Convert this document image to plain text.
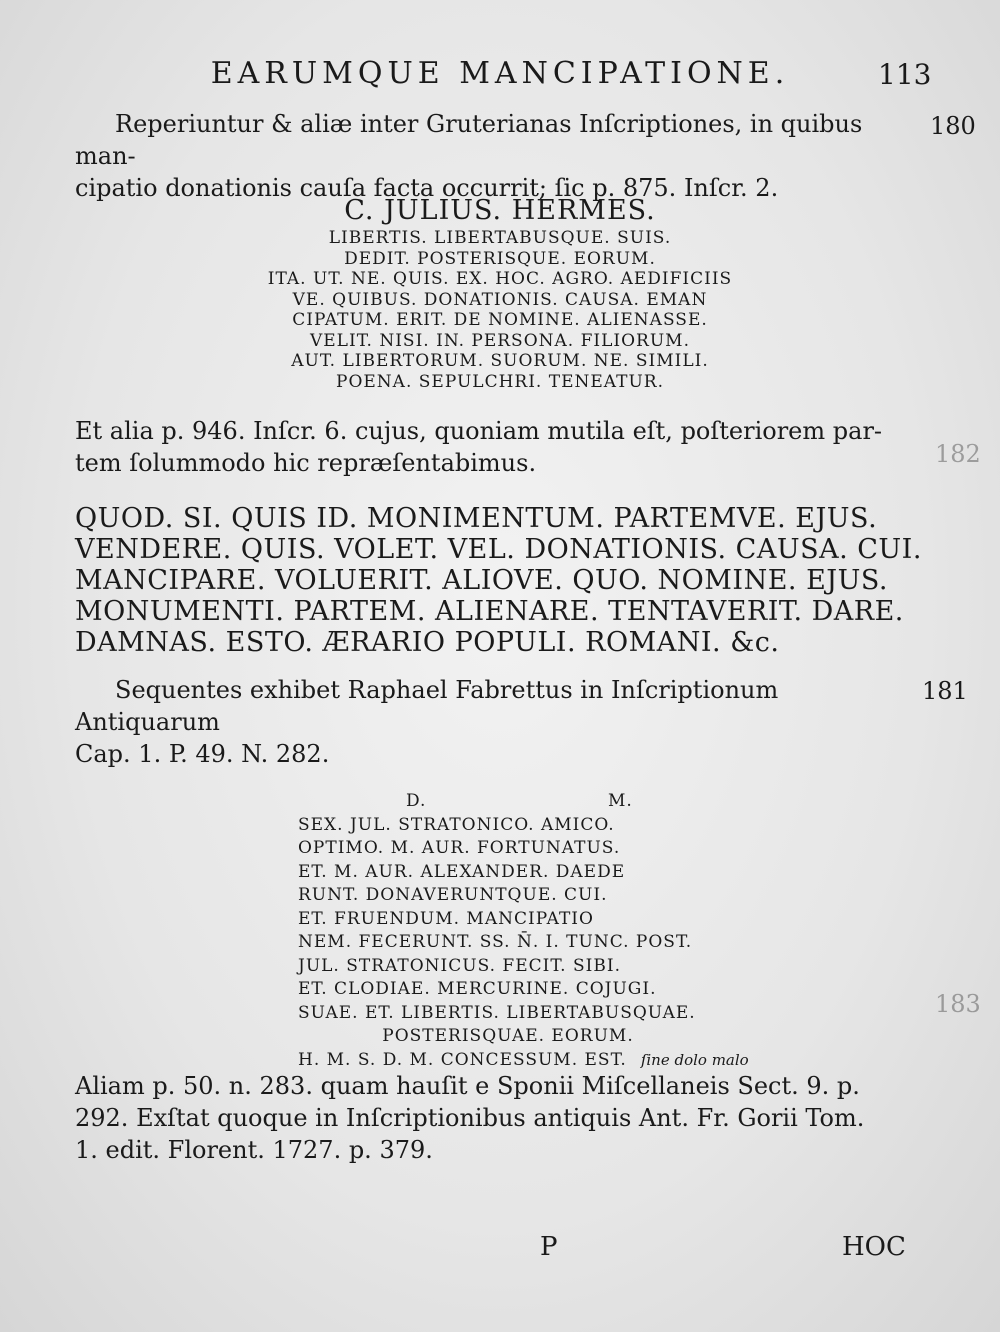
EARUMQUE MANCIPATIONE.	113
180
182
181
183

Reperiuntur & aliæ inter Gruterianas Inſcriptiones, in quibus man-
cipatio donationis cauſa facta occurrit; ſic p. 875. Inſcr. 2.

C. JULIUS. HERMES.
LIBERTIS. LIBERTABUSQUE. SUIS.
DEDIT. POSTERISQUE. EORUM.
ITA. UT. NE. QUIS. EX. HOC. AGRO. AEDIFICIIS
VE. QUIBUS. DONATIONIS. CAUSA. EMAN
CIPATUM. ERIT. DE NOMINE. ALIENASSE.
VELIT. NISI. IN. PERSONA. FILIORUM.
AUT. LIBERTORUM. SUORUM. NE. SIMILI.
POENA. SEPULCHRI. TENEATUR.

Et alia p. 946. Inſcr. 6. cujus, quoniam mutila eſt, poſteriorem par-
tem ſolummodo hic repræſentabimus.

QUOD. SI. QUIS ID. MONIMENTUM. PARTEMVE. EJUS.
VENDERE. QUIS. VOLET. VEL. DONATIONIS. CAUSA. CUI.
MANCIPARE. VOLUERIT. ALIOVE. QUO. NOMINE. EJUS.
MONUMENTI. PARTEM. ALIENARE. TENTAVERIT. DARE.
DAMNAS. ESTO. ÆRARIO POPULI. ROMANI. &c.

Sequentes exhibet Raphael Fabrettus in Inſcriptionum Antiquarum
Cap. 1. P. 49. N. 282.

D.	M.
SEX. JUL. STRATONICO. AMICO.
OPTIMO. M. AUR. FORTUNATUS.
ET. M. AUR. ALEXANDER. DAEDE
RUNT. DONAVERUNTQUE. CUI.
ET. FRUENDUM. MANCIPATIO
NEM. FECERUNT. SS. N̄. I. TUNC. POST.
JUL. STRATONICUS. FECIT. SIBI.
ET. CLODIAE. MERCURINE. COJUGI.
SUAE. ET. LIBERTIS. LIBERTABUSQUAE.
POSTERISQUAE. EORUM.
H. M. S. D. M. CONCESSUM. EST. ſine dolo malo

Aliam p. 50. n. 283. quam hauſit e Sponii Miſcellaneis Sect. 9. p.
292. Exſtat quoque in Inſcriptionibus antiquis Ant. Fr. Gorii Tom.
1. edit. Florent. 1727. p. 379.

P	HOC
